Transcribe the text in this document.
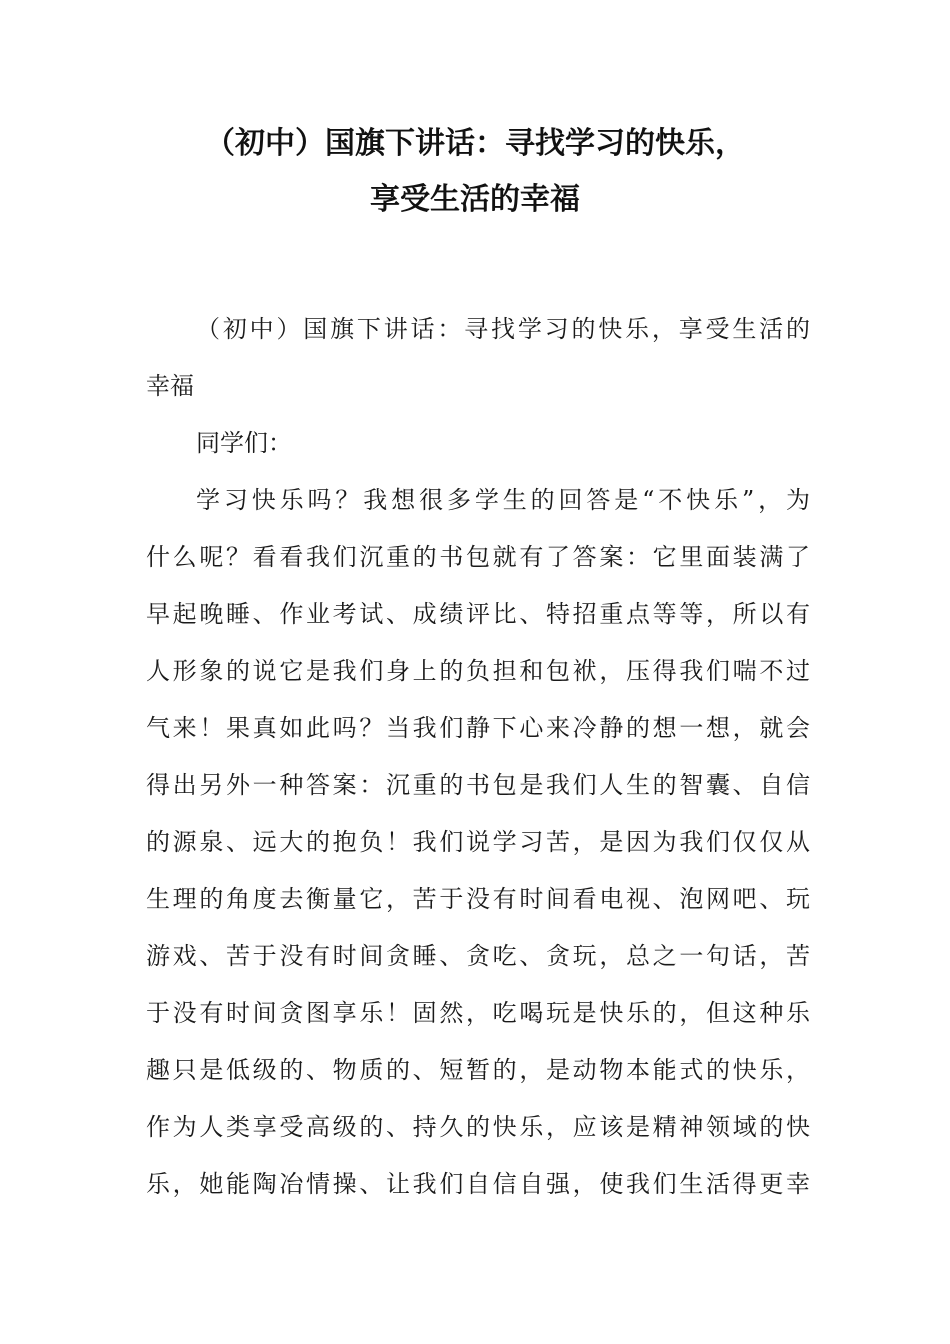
（初中）国旗下讲话：寻找学习的快乐，
享受生活的幸福
（初中）国旗下讲话：寻找学习的快乐，享受生活的
幸福
同学们：
学习快乐吗？我想很多学生的回答是“不快乐”，为
什么呢？看看我们沉重的书包就有了答案：它里面装满了
早起晚睡、作业考试、成绩评比、特招重点等等，所以有
人形象的说它是我们身上的负担和包袱，压得我们喘不过
气来！果真如此吗？当我们静下心来冷静的想一想，就会
得出另外一种答案：沉重的书包是我们人生的智囊、自信
的源泉、远大的抱负！我们说学习苦，是因为我们仅仅从
生理的角度去衡量它，苦于没有时间看电视、泡网吧、玩
游戏、苦于没有时间贪睡、贪吃、贪玩，总之一句话，苦
于没有时间贪图享乐！固然，吃喝玩是快乐的，但这种乐
趣只是低级的、物质的、短暂的，是动物本能式的快乐，
作为人类享受高级的、持久的快乐，应该是精神领域的快
乐，她能陶冶情操、让我们自信自强，使我们生活得更幸
